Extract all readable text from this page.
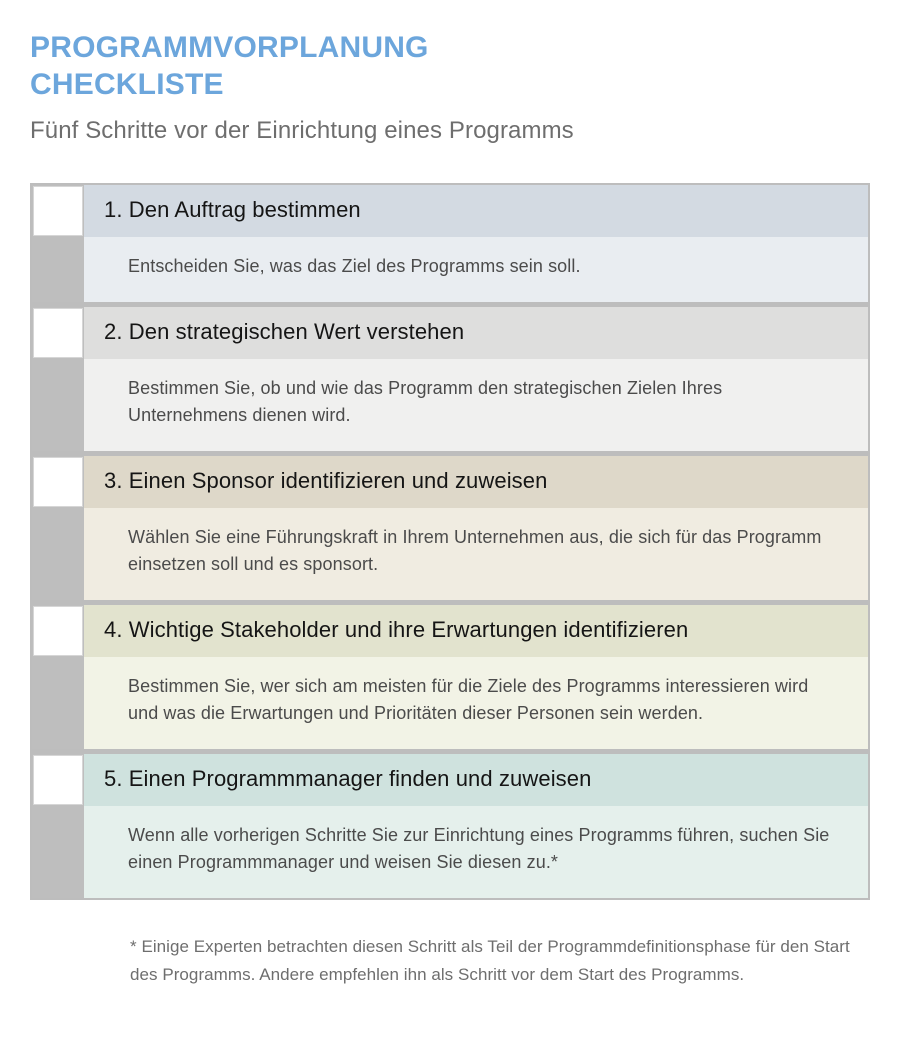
PROGRAMMVORPLANUNG
CHECKLISTE

Fünf Schritte vor der Einrichtung eines Programms

1. Den Auftrag bestimmen
Entscheiden Sie, was das Ziel des Programms sein soll.
2. Den strategischen Wert verstehen
Bestimmen Sie, ob und wie das Programm den strategischen Zielen Ihres Unternehmens dienen wird.
3. Einen Sponsor identifizieren und zuweisen
Wählen Sie eine Führungskraft in Ihrem Unternehmen aus, die sich für das Programm einsetzen soll und es sponsort.
4. Wichtige Stakeholder und ihre Erwartungen identifizieren
Bestimmen Sie, wer sich am meisten für die Ziele des Programms interessieren wird und was die Erwartungen und Prioritäten dieser Personen sein werden.
5. Einen Programmmanager finden und zuweisen
Wenn alle vorherigen Schritte Sie zur Einrichtung eines Programms führen, suchen Sie einen Programmmanager und weisen Sie diesen zu.*
* Einige Experten betrachten diesen Schritt als Teil der Programmdefinitionsphase für den Start des Programms. Andere empfehlen ihn als Schritt vor dem Start des Programms.
